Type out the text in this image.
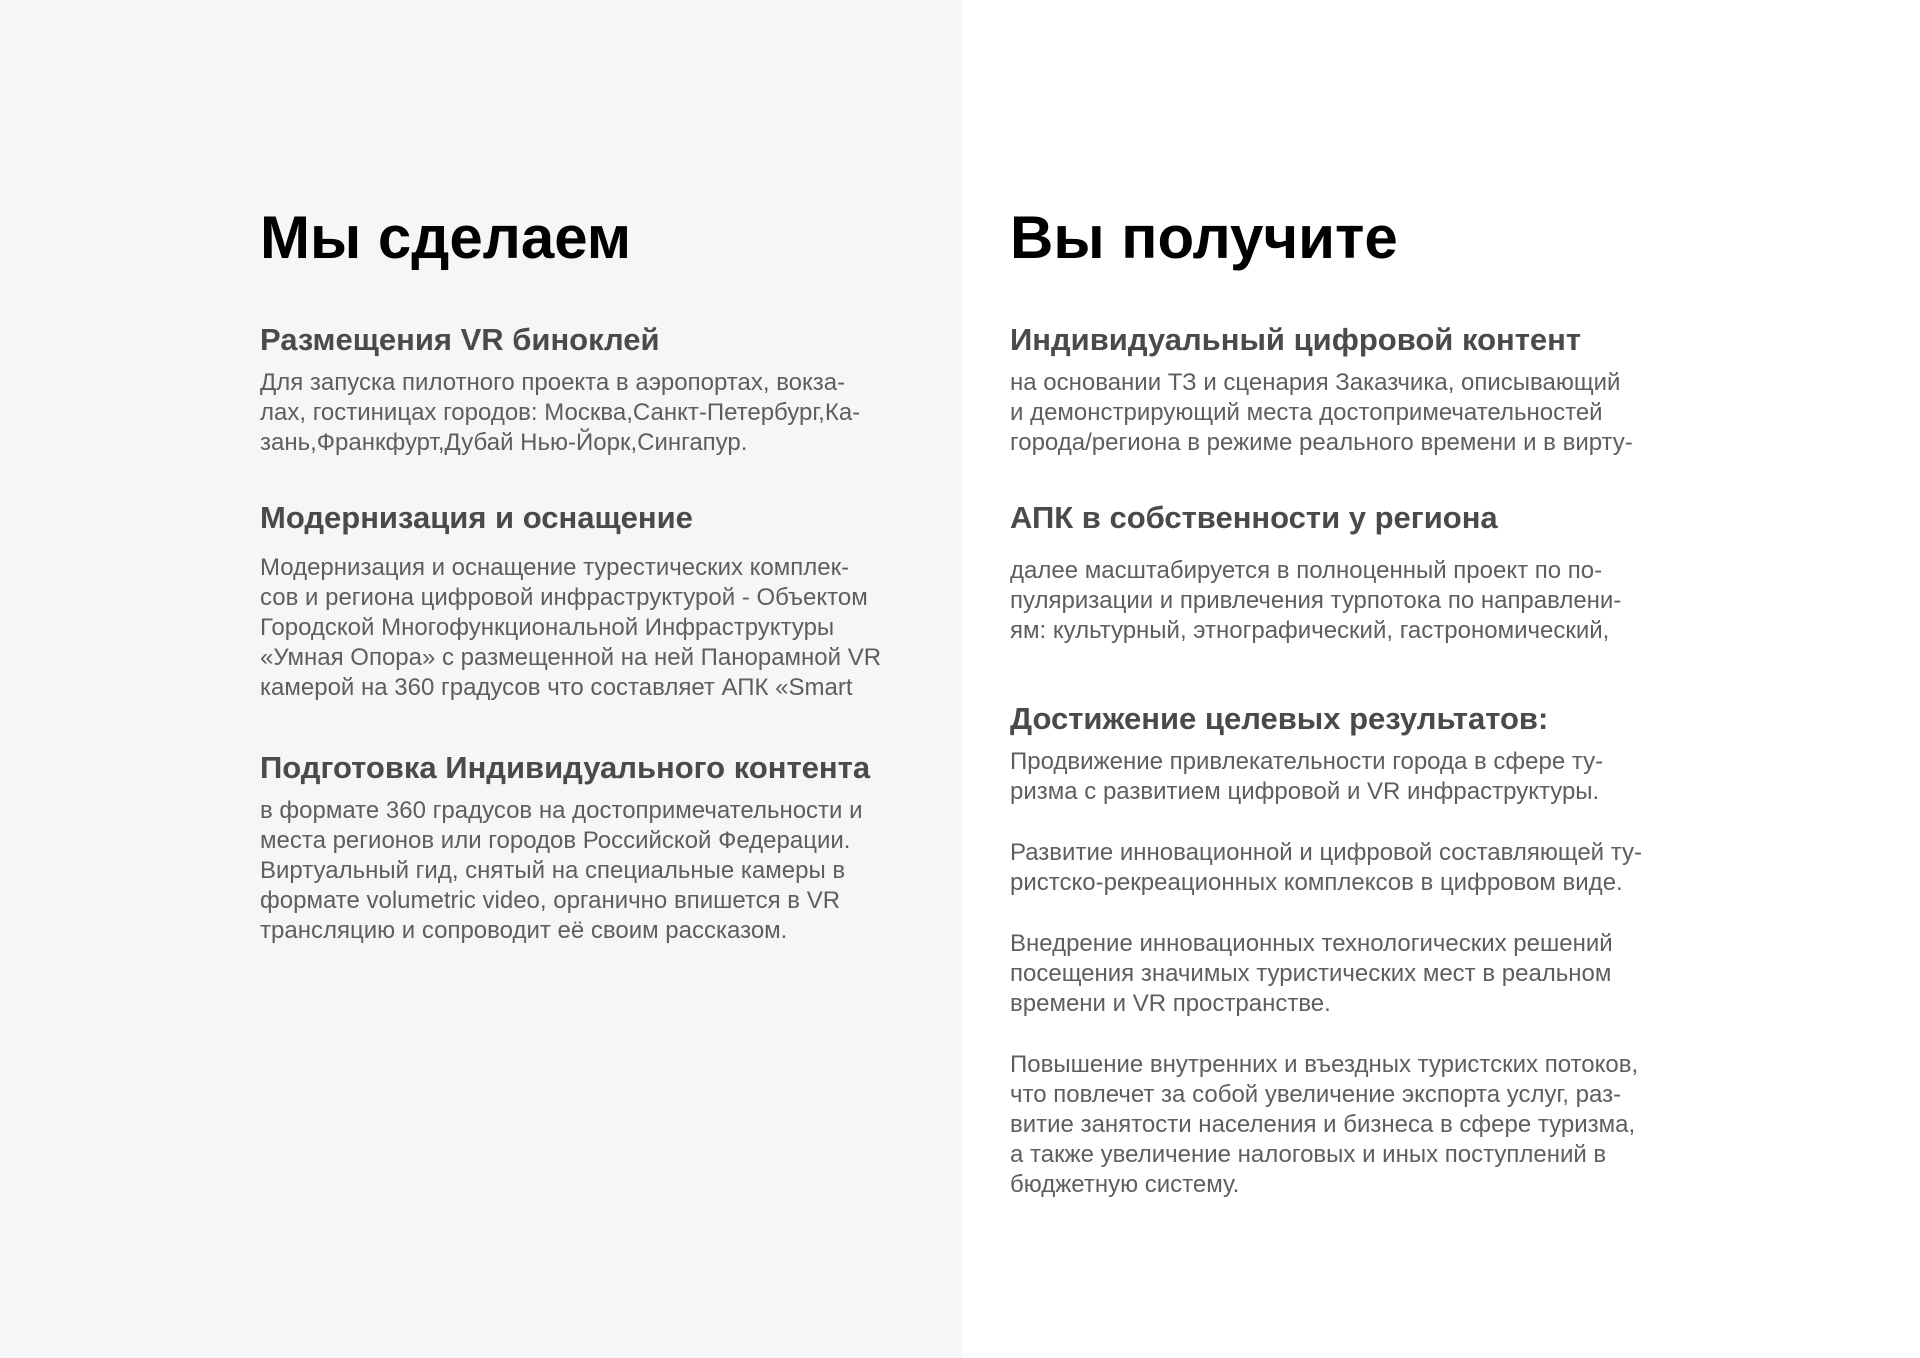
Мы сделаем
Размещения VR биноклей
Для запуска пилотного проекта в аэропортах, вокза-
лах, гостиницах городов: Москва,Санкт-Петербург,Ка-
зань,Франкфурт,Дубай Нью-Йорк,Сингапур.
Модернизация и оснащение
Модернизация и оснащение турестических комплек-
сов и региона цифровой инфраструктурой - Объектом
Городской Многофункциональной Инфраструктуры
«Умная Опора» с размещенной на ней Панорамной VR
камерой на 360 градусов что составляет АПК «Smart
Подготовка Индивидуального контента
в формате 360 градусов на достопримечательности и
места регионов или городов Российской Федерации.
Виртуальный гид, снятый на специальные камеры в
формате volumetric video, органично впишется в VR
трансляцию и сопроводит её своим рассказом.
Вы получите
Индивидуальный цифровой контент
на основании ТЗ и сценария Заказчика, описывающий
и демонстрирующий места достопримечательностей
города/региона в режиме реального времени и в вирту-
АПК в собственности у региона
далее масштабируется в полноценный проект по по-
пуляризации и привлечения турпотока по направлени-
ям: культурный, этнографический, гастрономический,
Достижение целевых результатов:
Продвижение привлекательности города в сфере ту-
ризма с развитием цифровой и VR инфраструктуры.
Развитие инновационной и цифровой составляющей ту-
ристско-рекреационных комплексов в цифровом виде.
Внедрение инновационных технологических решений
посещения значимых туристических мест в реальном
времени и VR пространстве.
Повышение внутренних и въездных туристских потоков,
что повлечет за собой увеличение экспорта услуг, раз-
витие занятости населения и бизнеса в сфере туризма,
а также увеличение налоговых и иных поступлений в
бюджетную систему.
